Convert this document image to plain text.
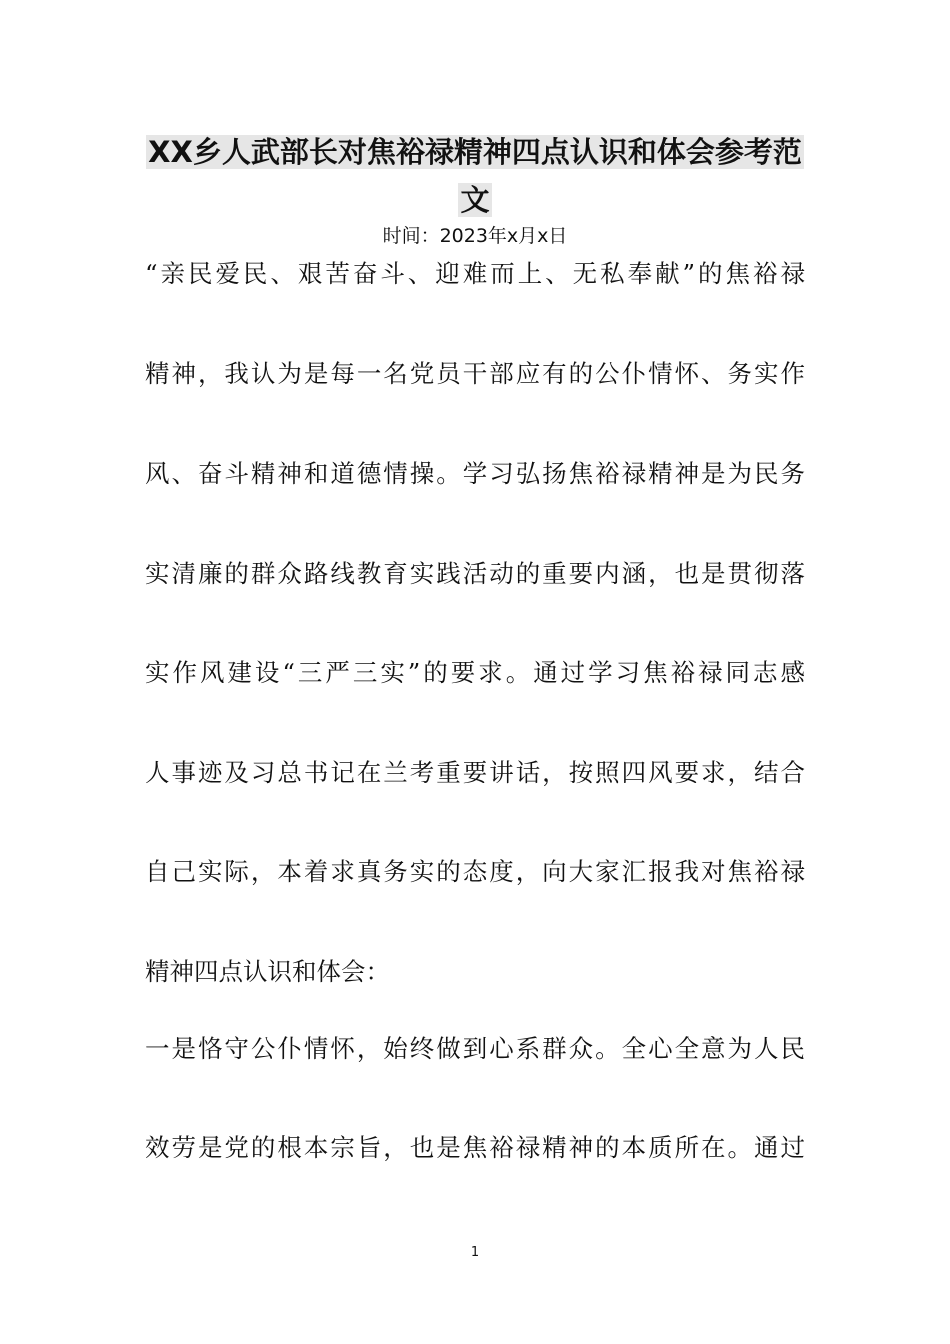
XX乡人武部长对焦裕禄精神四点认识和体会参考范
文
时间：2023年x月x日
“亲民爱民、艰苦奋斗、迎难而上、无私奉献”的焦裕禄
精神，我认为是每一名党员干部应有的公仆情怀、务实作
风、奋斗精神和道德情操。学习弘扬焦裕禄精神是为民务
实清廉的群众路线教育实践活动的重要内涵，也是贯彻落
实作风建设“三严三实”的要求。通过学习焦裕禄同志感
人事迹及习总书记在兰考重要讲话，按照四风要求，结合
自己实际，本着求真务实的态度，向大家汇报我对焦裕禄
精神四点认识和体会：
一是恪守公仆情怀，始终做到心系群众。全心全意为人民
效劳是党的根本宗旨，也是焦裕禄精神的本质所在。通过
1
